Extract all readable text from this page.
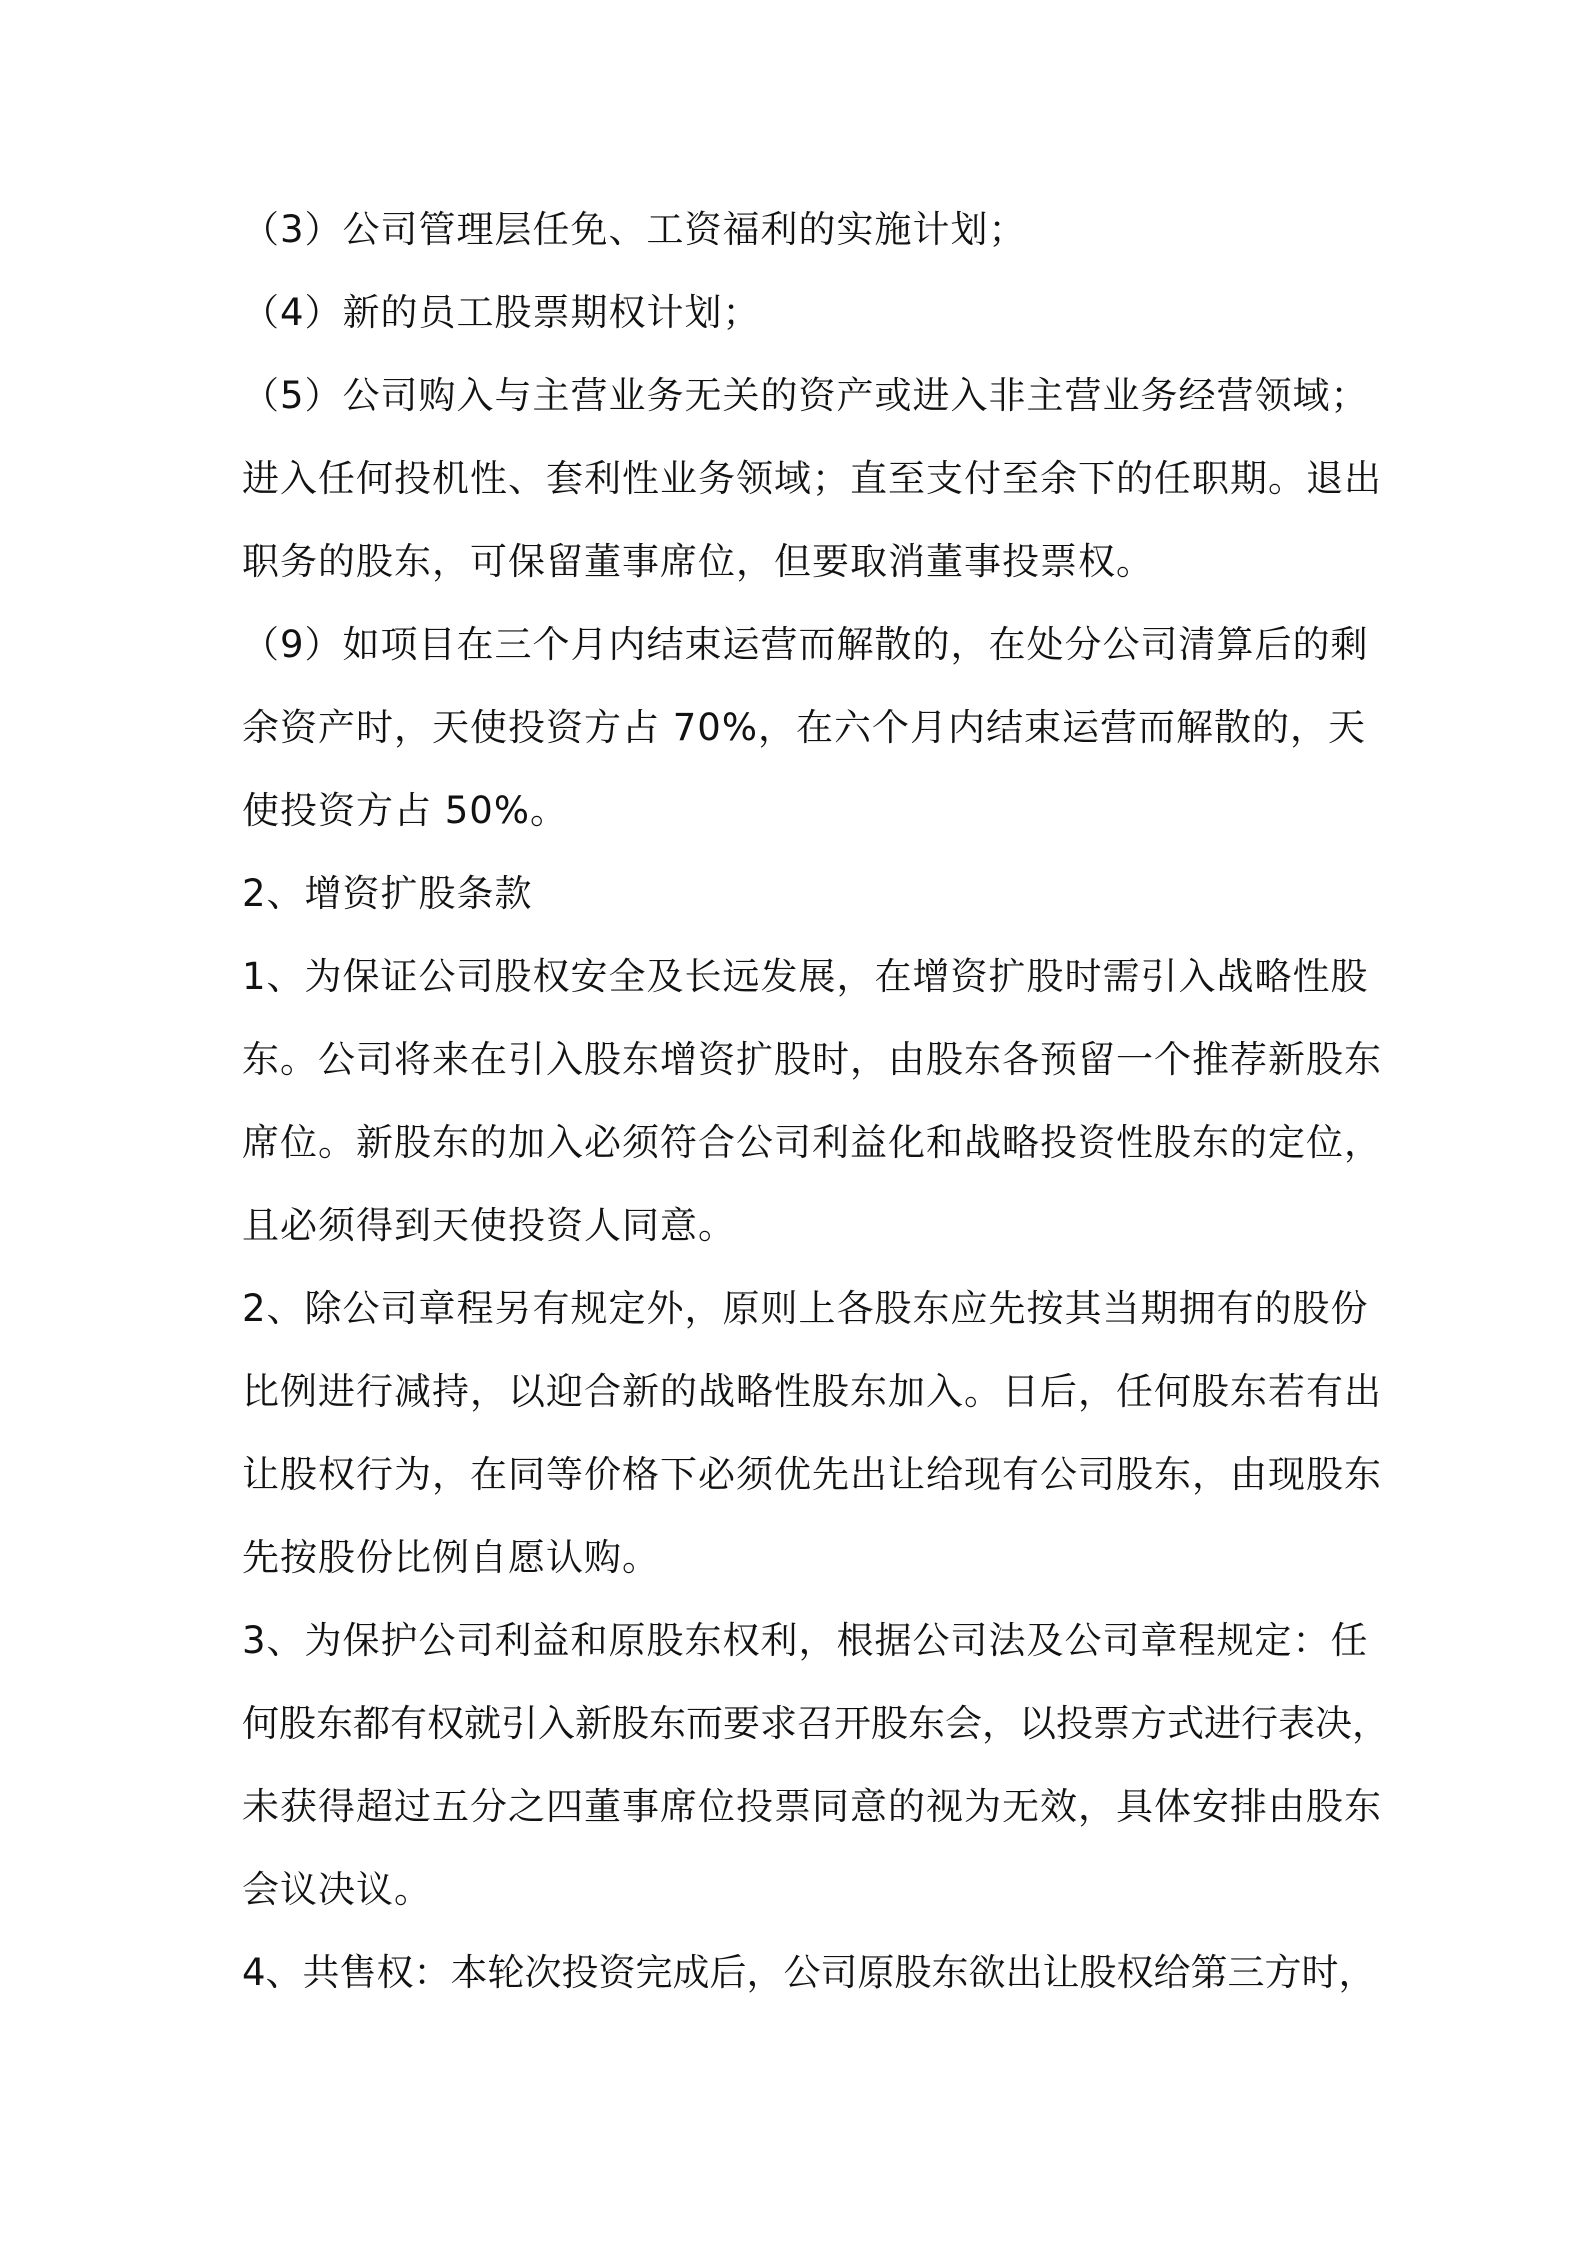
（3）公司管理层任免、工资福利的实施计划；
（4）新的员工股票期权计划；
（5）公司购入与主营业务无关的资产或进入非主营业务经营领域；
进入任何投机性、套利性业务领域；直至支付至余下的任职期。退出
职务的股东，可保留董事席位，但要取消董事投票权。
（9）如项目在三个月内结束运营而解散的，在处分公司清算后的剩
余资产时，天使投资方占 70%，在六个月内结束运营而解散的，天
使投资方占 50%。
2、增资扩股条款
1、为保证公司股权安全及长远发展，在增资扩股时需引入战略性股
东。公司将来在引入股东增资扩股时，由股东各预留一个推荐新股东
席位。新股东的加入必须符合公司利益化和战略投资性股东的定位，
且必须得到天使投资人同意。
2、除公司章程另有规定外，原则上各股东应先按其当期拥有的股份
比例进行减持，以迎合新的战略性股东加入。日后，任何股东若有出
让股权行为，在同等价格下必须优先出让给现有公司股东，由现股东
先按股份比例自愿认购。
3、为保护公司利益和原股东权利，根据公司法及公司章程规定：任
何股东都有权就引入新股东而要求召开股东会，以投票方式进行表决，
未获得超过五分之四董事席位投票同意的视为无效，具体安排由股东
会议决议。
4、共售权：本轮次投资完成后，公司原股东欲出让股权给第三方时，
